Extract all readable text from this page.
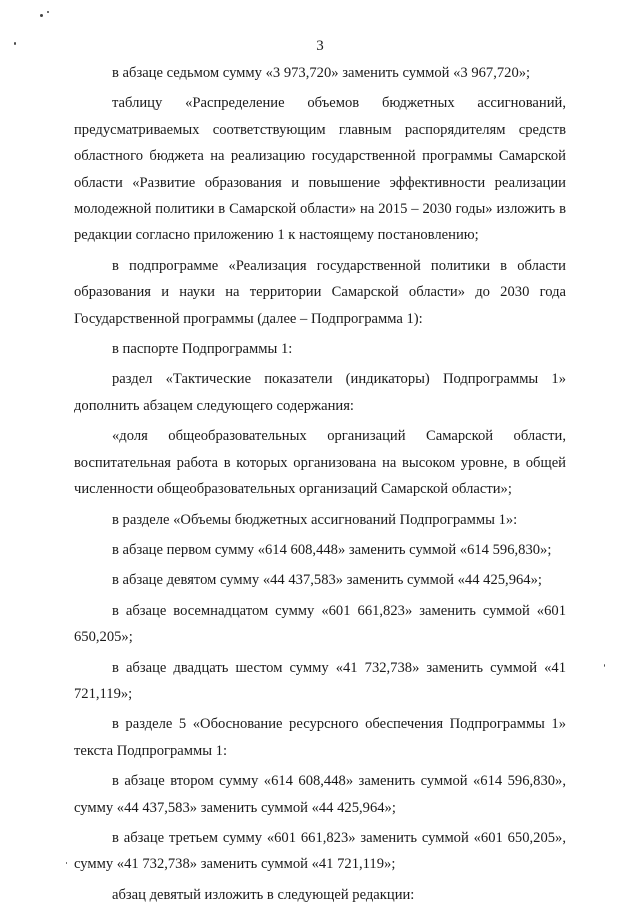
3

в абзаце седьмом сумму «3 973,720» заменить суммой «3 967,720»;

таблицу «Распределение объемов бюджетных ассигнований, предусматриваемых соответствующим главным распорядителям средств областного бюджета на реализацию государственной программы Самарской области «Развитие образования и повышение эффективности реализации молодежной политики в Самарской области» на 2015 – 2030 годы» изложить в редакции согласно приложению 1 к настоящему постановлению;

в подпрограмме «Реализация государственной политики в области образования и науки на территории Самарской области» до 2030 года Государственной программы (далее – Подпрограмма 1):

в паспорте Подпрограммы 1:

раздел «Тактические показатели (индикаторы) Подпрограммы 1» дополнить абзацем следующего содержания:

«доля общеобразовательных организаций Самарской области, воспитательная работа в которых организована на высоком уровне, в общей численности общеобразовательных организаций Самарской области»;

в разделе «Объемы бюджетных ассигнований Подпрограммы 1»:

в абзаце первом сумму «614 608,448» заменить суммой «614 596,830»;

в абзаце девятом сумму «44 437,583» заменить суммой «44 425,964»;

в абзаце восемнадцатом сумму «601 661,823» заменить суммой «601 650,205»;

в абзаце двадцать шестом сумму «41 732,738» заменить суммой «41 721,119»;

в разделе 5 «Обоснование ресурсного обеспечения Подпрограммы 1» текста Подпрограммы 1:

в абзаце втором сумму «614 608,448» заменить суммой «614 596,830», сумму «44 437,583» заменить суммой «44 425,964»;

в абзаце третьем сумму «601 661,823» заменить суммой «601 650,205», сумму «41 732,738» заменить суммой «41 721,119»;

абзац девятый изложить в следующей редакции:
